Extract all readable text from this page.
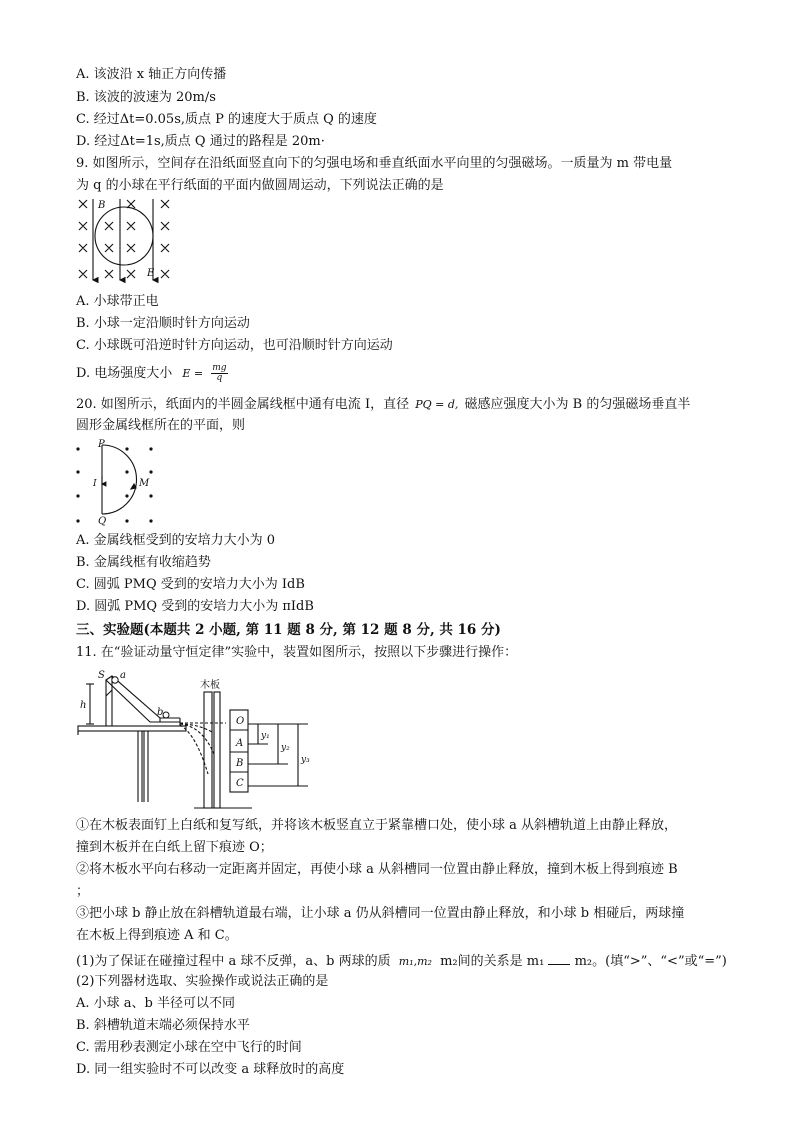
A. 该波沿 x 轴正方向传播
B. 该波的波速为 20m/s
C. 经过Δt=0.05s,质点 P 的速度大于质点 Q 的速度
D. 经过Δt=1s,质点 Q 通过的路程是 20m·
9. 如图所示，空间存在沿纸面竖直向下的匀强电场和垂直纸面水平向里的匀强磁场。一质量为 m 带电量
为 q 的小球在平行纸面的平面内做圆周运动，下列说法正确的是
B
E
A. 小球带正电
B. 小球一定沿顺时针方向运动
C. 小球既可沿逆时针方向运动，也可沿顺时针方向运动
D. 电场强度大小 $E = \frac{mg}{q}$
20. 如图所示，纸面内的半圆金属线框中通有电流 I，直径 PQ = d, 磁感应强度大小为 B 的匀强磁场垂直半
圆形金属线框所在的平面，则
P
I	M
Q
A. 金属线框受到的安培力大小为 0
B. 金属线框有收缩趋势
C. 圆弧 PMQ 受到的安培力大小为 IdB
D. 圆弧 PMQ 受到的安培力大小为 πIdB
三、实验题(本题共 2 小题, 第 11 题 8 分, 第 12 题 8 分, 共 16 分)
11. 在“验证动量守恒定律”实验中，装置如图所示，按照以下步骤进行操作：
S a
h
b
O
A
B
C
y₁
y₂
y₃
木板
①在木板表面钉上白纸和复写纸，并将该木板竖直立于紧靠槽口处，使小球 a 从斜槽轨道上由静止释放，
撞到木板并在白纸上留下痕迹 O；
②将木板水平向右移动一定距离并固定，再使小球 a 从斜槽同一位置由静止释放，撞到木板上得到痕迹 B
；
③把小球 b 静止放在斜槽轨道最右端，让小球 a 仍从斜槽同一位置由静止释放，和小球 b 相碰后，两球撞
在木板上得到痕迹 A 和 C。
(1)为了保证在碰撞过程中 a 球不反弹，a、b 两球的质 m₁,m₂ m₂间的关系是 m₁ m₂。(填“>”、“<”或“=”)
(2)下列器材选取、实验操作或说法正确的是
A. 小球 a、b 半径可以不同
B. 斜槽轨道末端必须保持水平
C. 需用秒表测定小球在空中飞行的时间
D. 同一组实验时不可以改变 a 球释放时的高度
